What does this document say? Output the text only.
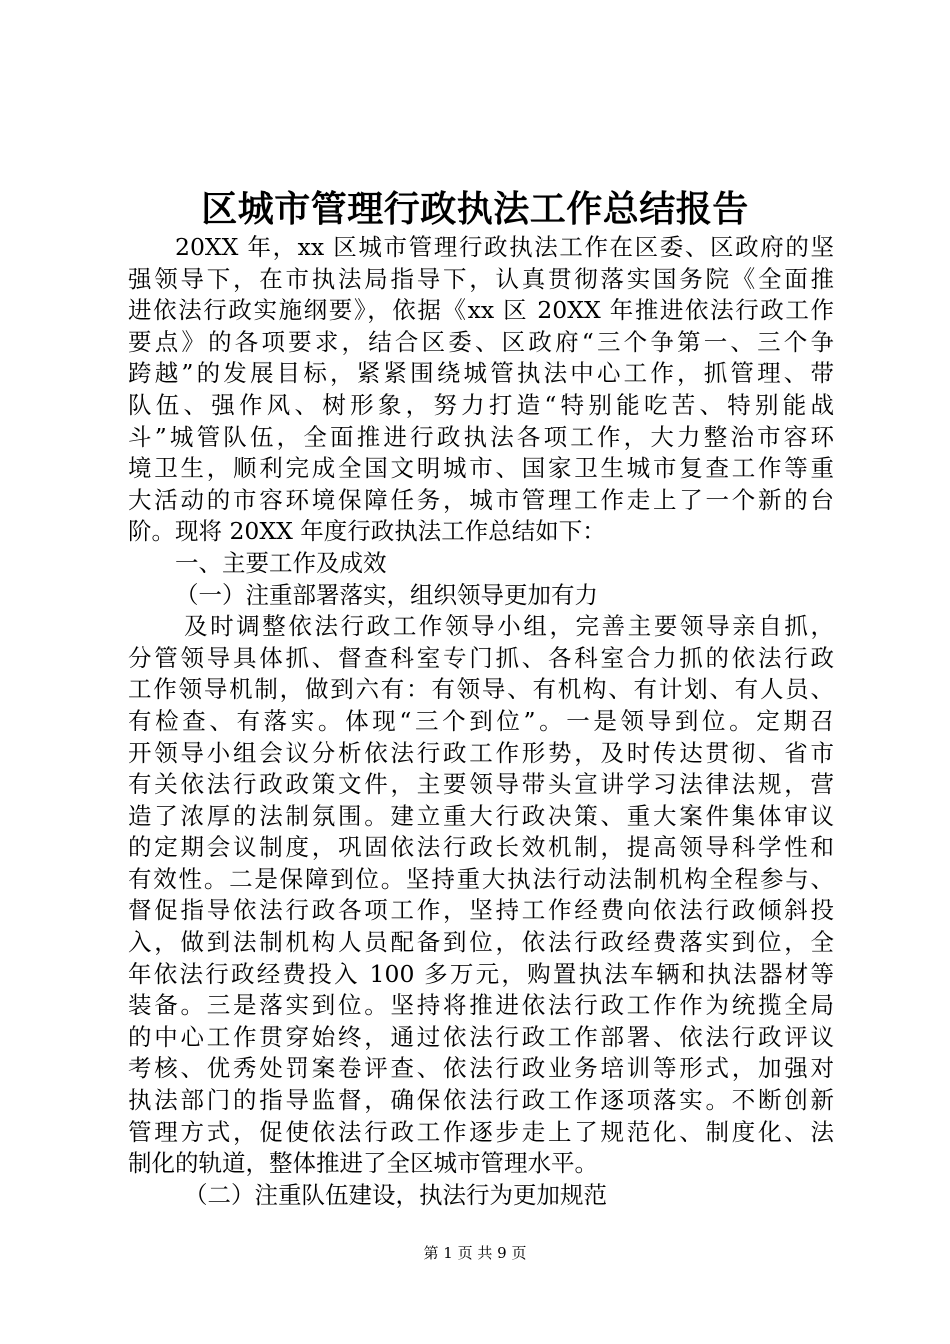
区城市管理行政执法工作总结报告
20XX 年，xx 区城市管理行政执法工作在区委、区政府的坚
强领导下，在市执法局指导下，认真贯彻落实国务院《全面推
进依法行政实施纲要》，依据《xx 区 20XX 年推进依法行政工作
要点》的各项要求，结合区委、区政府“三个争第一、三个争
跨越”的发展目标，紧紧围绕城管执法中心工作，抓管理、带
队伍、强作风、树形象，努力打造“特别能吃苦、特别能战
斗”城管队伍，全面推进行政执法各项工作，大力整治市容环
境卫生，顺利完成全国文明城市、国家卫生城市复查工作等重
大活动的市容环境保障任务，城市管理工作走上了一个新的台
阶。现将 20XX 年度行政执法工作总结如下：
一、主要工作及成效
（一）注重部署落实，组织领导更加有力
及时调整依法行政工作领导小组，完善主要领导亲自抓，
分管领导具体抓、督查科室专门抓、各科室合力抓的依法行政
工作领导机制，做到六有：有领导、有机构、有计划、有人员、
有检查、有落实。体现“三个到位”。一是领导到位。定期召
开领导小组会议分析依法行政工作形势，及时传达贯彻、省市
有关依法行政政策文件，主要领导带头宣讲学习法律法规，营
造了浓厚的法制氛围。建立重大行政决策、重大案件集体审议
的定期会议制度，巩固依法行政长效机制，提高领导科学性和
有效性。二是保障到位。坚持重大执法行动法制机构全程参与、
督促指导依法行政各项工作，坚持工作经费向依法行政倾斜投
入，做到法制机构人员配备到位，依法行政经费落实到位，全
年依法行政经费投入 100 多万元，购置执法车辆和执法器材等
装备。三是落实到位。坚持将推进依法行政工作作为统揽全局
的中心工作贯穿始终，通过依法行政工作部署、依法行政评议
考核、优秀处罚案卷评查、依法行政业务培训等形式，加强对
执法部门的指导监督，确保依法行政工作逐项落实。不断创新
管理方式，促使依法行政工作逐步走上了规范化、制度化、法
制化的轨道，整体推进了全区城市管理水平。
（二）注重队伍建设，执法行为更加规范
第 1 页 共 9 页
